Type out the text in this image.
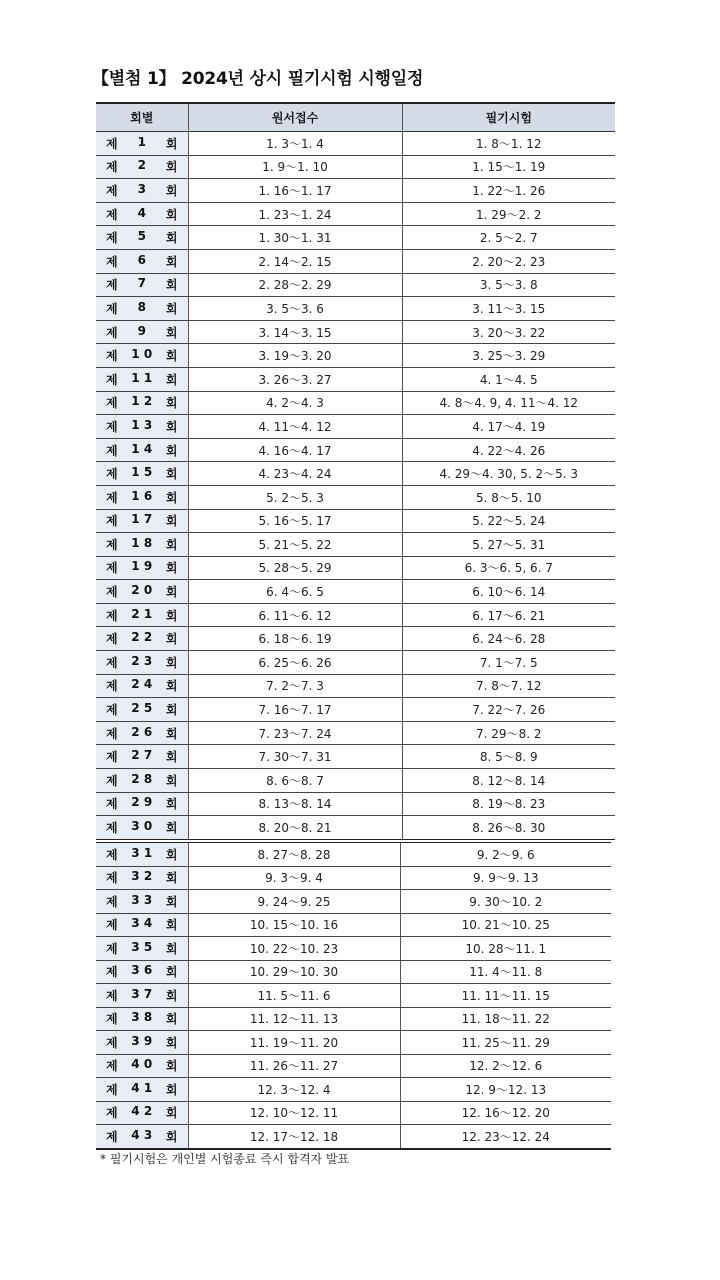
【별첨 1】 2024년 상시 필기시험 시행일정
회별	원서접수	필기시험

제 1 회	1. 3～1. 4	1. 8～1. 12

제 2 회	1. 9～1. 10	1. 15～1. 19

제 3 회	1. 16～1. 17	1. 22～1. 26

제 4 회	1. 23～1. 24	1. 29～2. 2

제 5 회	1. 30～1. 31	2. 5～2. 7

제 6 회	2. 14～2. 15	2. 20～2. 23

제 7 회	2. 28～2. 29	3. 5～3. 8

제 8 회	3. 5～3. 6	3. 11～3. 15

제 9 회	3. 14～3. 15	3. 20～3. 22

제 1 0 회	3. 19～3. 20	3. 25～3. 29

제 1 1 회	3. 26～3. 27	4. 1～4. 5

제 1 2 회	4. 2～4. 3	4. 8～4. 9, 4. 11～4. 12

제 1 3 회	4. 11～4. 12	4. 17～4. 19

제 1 4 회	4. 16～4. 17	4. 22～4. 26

제 1 5 회	4. 23～4. 24	4. 29～4. 30, 5. 2～5. 3

제 1 6 회	5. 2～5. 3	5. 8～5. 10

제 1 7 회	5. 16～5. 17	5. 22～5. 24

제 1 8 회	5. 21～5. 22	5. 27～5. 31

제 1 9 회	5. 28～5. 29	6. 3～6. 5, 6. 7

제 2 0 회	6. 4～6. 5	6. 10～6. 14

제 2 1 회	6. 11～6. 12	6. 17～6. 21

제 2 2 회	6. 18～6. 19	6. 24～6. 28

제 2 3 회	6. 25～6. 26	7. 1～7. 5

제 2 4 회	7. 2～7. 3	7. 8～7. 12

제 2 5 회	7. 16～7. 17	7. 22～7. 26

제 2 6 회	7. 23～7. 24	7. 29～8. 2

제 2 7 회	7. 30～7. 31	8. 5～8. 9

제 2 8 회	8. 6～8. 7	8. 12～8. 14

제 2 9 회	8. 13～8. 14	8. 19～8. 23

제 3 0 회	8. 20～8. 21	8. 26～8. 30
제 3 1 회	8. 27～8. 28	9. 2～9. 6

제 3 2 회	9. 3～9. 4	9. 9～9. 13

제 3 3 회	9. 24～9. 25	9. 30～10. 2

제 3 4 회	10. 15～10. 16	10. 21～10. 25

제 3 5 회	10. 22～10. 23	10. 28～11. 1

제 3 6 회	10. 29～10. 30	11. 4～11. 8

제 3 7 회	11. 5～11. 6	11. 11～11. 15

제 3 8 회	11. 12～11. 13	11. 18～11. 22

제 3 9 회	11. 19～11. 20	11. 25～11. 29

제 4 0 회	11. 26～11. 27	12. 2～12. 6

제 4 1 회	12. 3～12. 4	12. 9～12. 13

제 4 2 회	12. 10～12. 11	12. 16～12. 20

제 4 3 회	12. 17～12. 18	12. 23～12. 24
* 필기시험은 개인별 시험종료 즉시 합격자 발표
